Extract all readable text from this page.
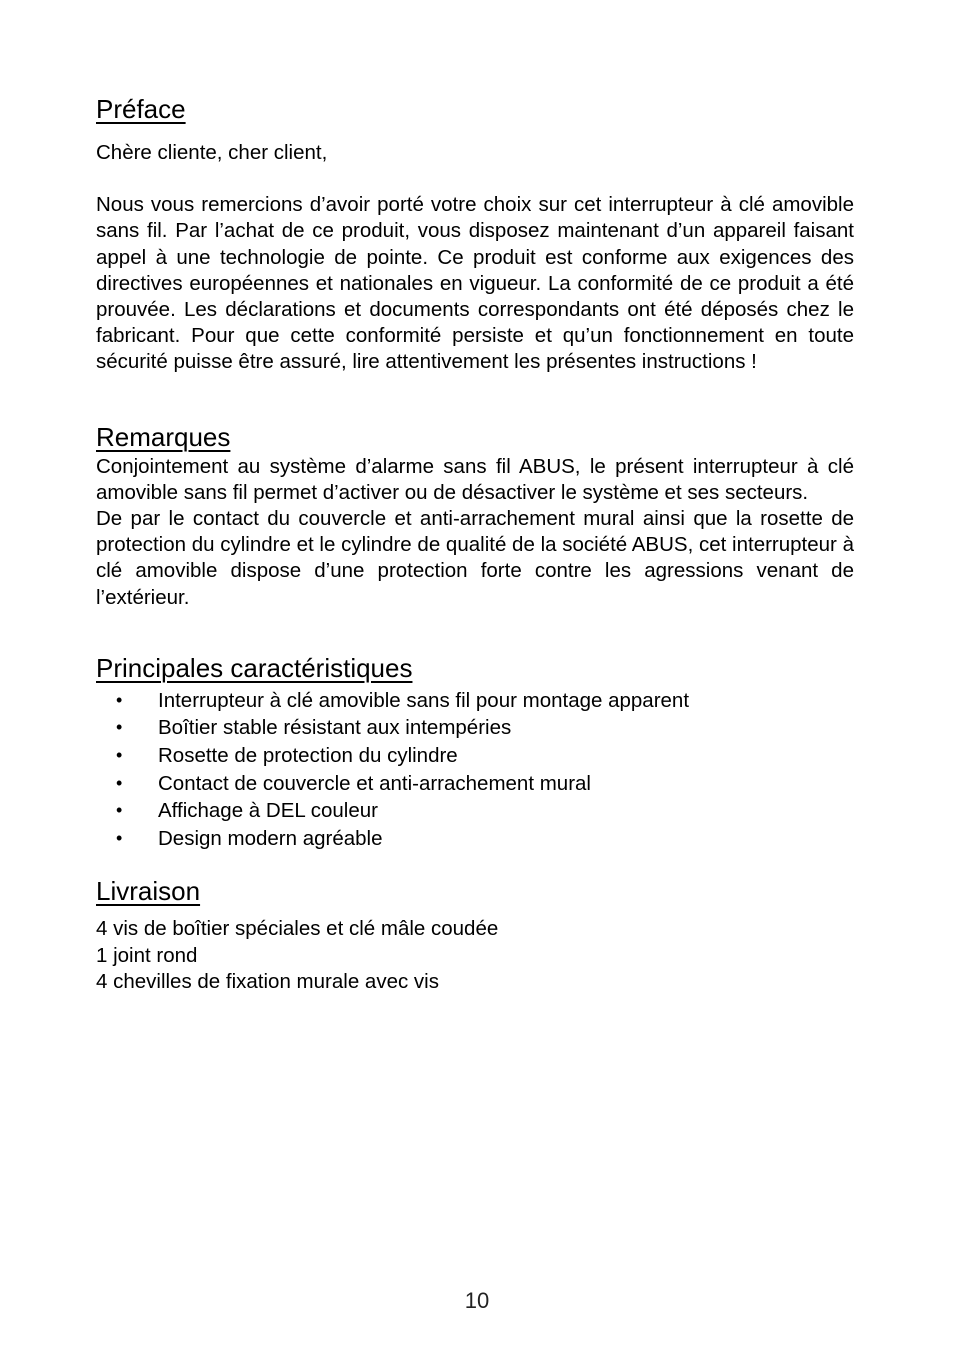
Préface

Chère cliente, cher client,

Nous vous remercions d’avoir porté votre choix sur cet interrupteur à clé amovible sans fil. Par l’achat de ce produit, vous disposez maintenant d’un appareil faisant appel à une technologie de pointe. Ce produit est conforme aux exigences des directives européennes et nationales en vigueur. La conformité de ce produit a été prouvée. Les déclarations et documents correspondants ont été déposés chez le fabricant. Pour que cette conformité persiste et qu’un fonctionnement en toute sécurité puisse être assuré, lire attentivement les présentes instructions !

Remarques

Conjointement au système d’alarme sans fil ABUS, le présent interrupteur à clé amovible sans fil permet d’activer ou de désactiver le système et ses secteurs.

De par le contact du couvercle et anti-arrachement mural ainsi que la rosette de protection du cylindre et le cylindre de qualité de la société ABUS, cet interrupteur à clé amovible dispose d’une protection forte contre les agressions venant de l’extérieur.

Principales caractéristiques
• Interrupteur à clé amovible sans fil pour montage apparent
• Boîtier stable résistant aux intempéries
• Rosette de protection du cylindre
• Contact de couvercle et anti-arrachement mural
• Affichage à DEL couleur
• Design modern agréable
Livraison
4 vis de boîtier spéciales et clé mâle coudée
1 joint rond
4 chevilles de fixation murale avec vis
10
